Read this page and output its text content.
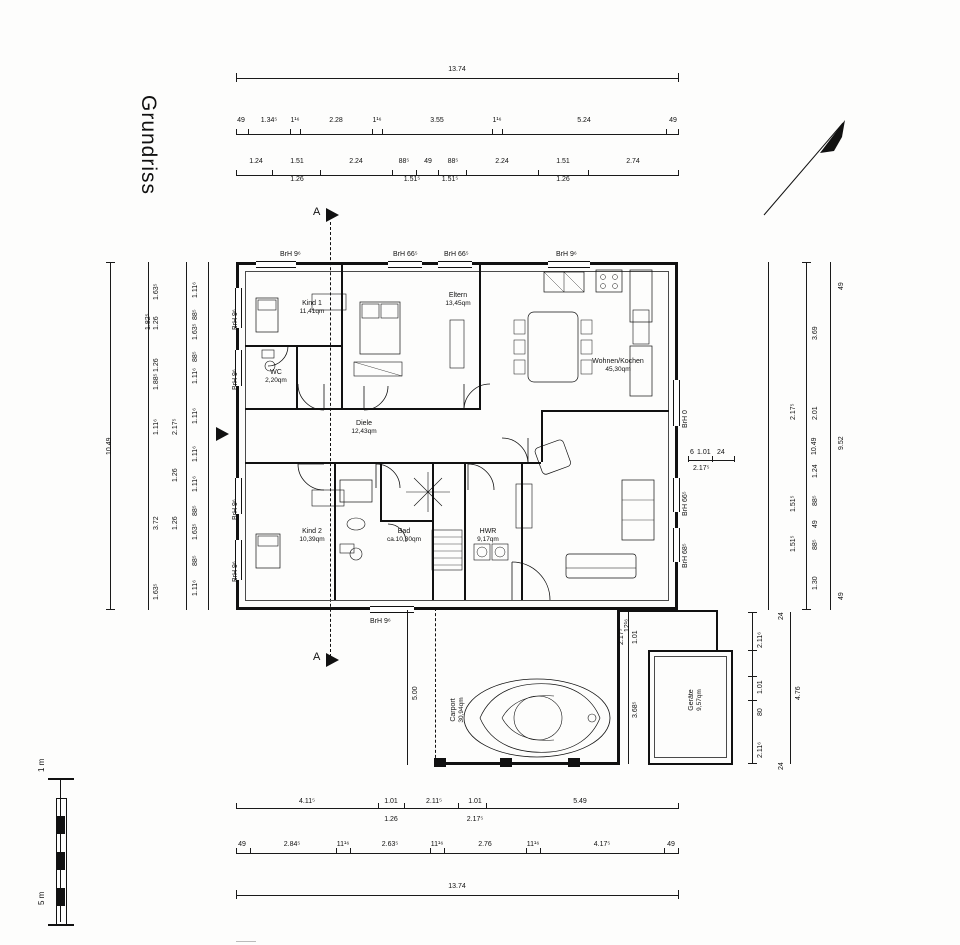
Grundriss
13.74
49	1.34⁵	1¹⁶	2.28	1¹⁶	3.55	1¹⁶	5.24	49
1.24	1.51	2.24	88⁵	49	88⁵	2.24	1.51	2.74
1.26	1.51⁵	1.51⁵	1.26
A
A
Kind 1
11,41qm
WC
2,20qm
Eltern
13,45qm
Wohnen/Kochen
45,30qm
Diele
12,43qm
Kind 2
10,39qm
Bad
ca.10,30qm
HWR
9,17qm
BrH 9⁶	BrH 66⁵	BrH 66⁵	BrH 9⁶
BrH 9⁶
BrH 9⁶
BrH 9⁶
BrH 9⁶
BrH 9⁶
BrH 0
BrH 66⁵
BrH 68⁵
6 1.01 24
2.17⁵
Geräte 9,57qm
Carport 30,94qm
5.00
3.68⁵
1.01
12¹⁶
2.17⁵	2.11⁶
1.01
80
2.11⁶
4.76
24
24
10.49
1.63⁵
1.26
1.82⁵
1.88⁵
1.26
2.17⁵
1.11⁶
1.26
1.26
3.72
1.63⁵
1.11⁶
88⁵
1.63⁵
88⁵
1.11⁶
1.11⁶
1.11⁶
1.11⁶
88⁵
1.63⁵
88⁵
1.11⁶
10.49
49
3.69
2.01
2.17⁵
1.24
88⁵
49
88⁵
1.30
49
9.52
1.51⁵
1.51⁵
4.11⁵	1.01	2.11⁵	1.01	5.49
1.26	2.17⁵
49	2.84⁵	11¹⁶	2.63⁵	11¹⁶	2.76	11¹⁶	4.17⁵	49
13.74
1 m
5 m
